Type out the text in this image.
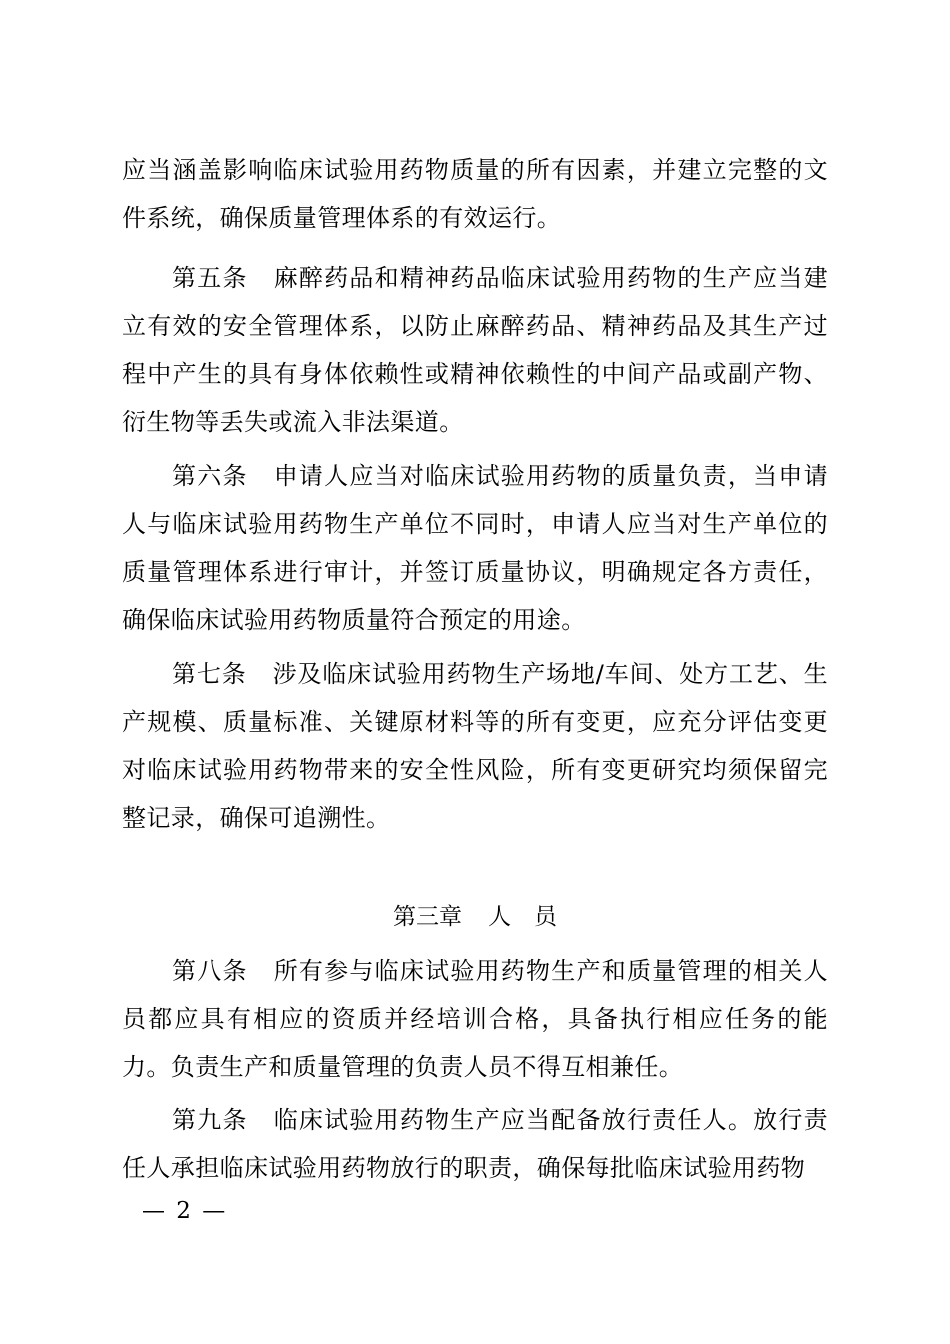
应当涵盖影响临床试验用药物质量的所有因素，并建立完整的文件系统，确保质量管理体系的有效运行。

第五条 麻醉药品和精神药品临床试验用药物的生产应当建立有效的安全管理体系，以防止麻醉药品、精神药品及其生产过程中产生的具有身体依赖性或精神依赖性的中间产品或副产物、衍生物等丢失或流入非法渠道。

第六条 申请人应当对临床试验用药物的质量负责，当申请人与临床试验用药物生产单位不同时，申请人应当对生产单位的质量管理体系进行审计，并签订质量协议，明确规定各方责任，确保临床试验用药物质量符合预定的用途。

第七条 涉及临床试验用药物生产场地/车间、处方工艺、生产规模、质量标准、关键原材料等的所有变更，应充分评估变更对临床试验用药物带来的安全性风险，所有变更研究均须保留完整记录，确保可追溯性。

第三章 人　员

第八条 所有参与临床试验用药物生产和质量管理的相关人员都应具有相应的资质并经培训合格，具备执行相应任务的能力。负责生产和质量管理的负责人员不得互相兼任。

第九条 临床试验用药物生产应当配备放行责任人。放行责任人承担临床试验用药物放行的职责，确保每批临床试验用药物

— 2 —
